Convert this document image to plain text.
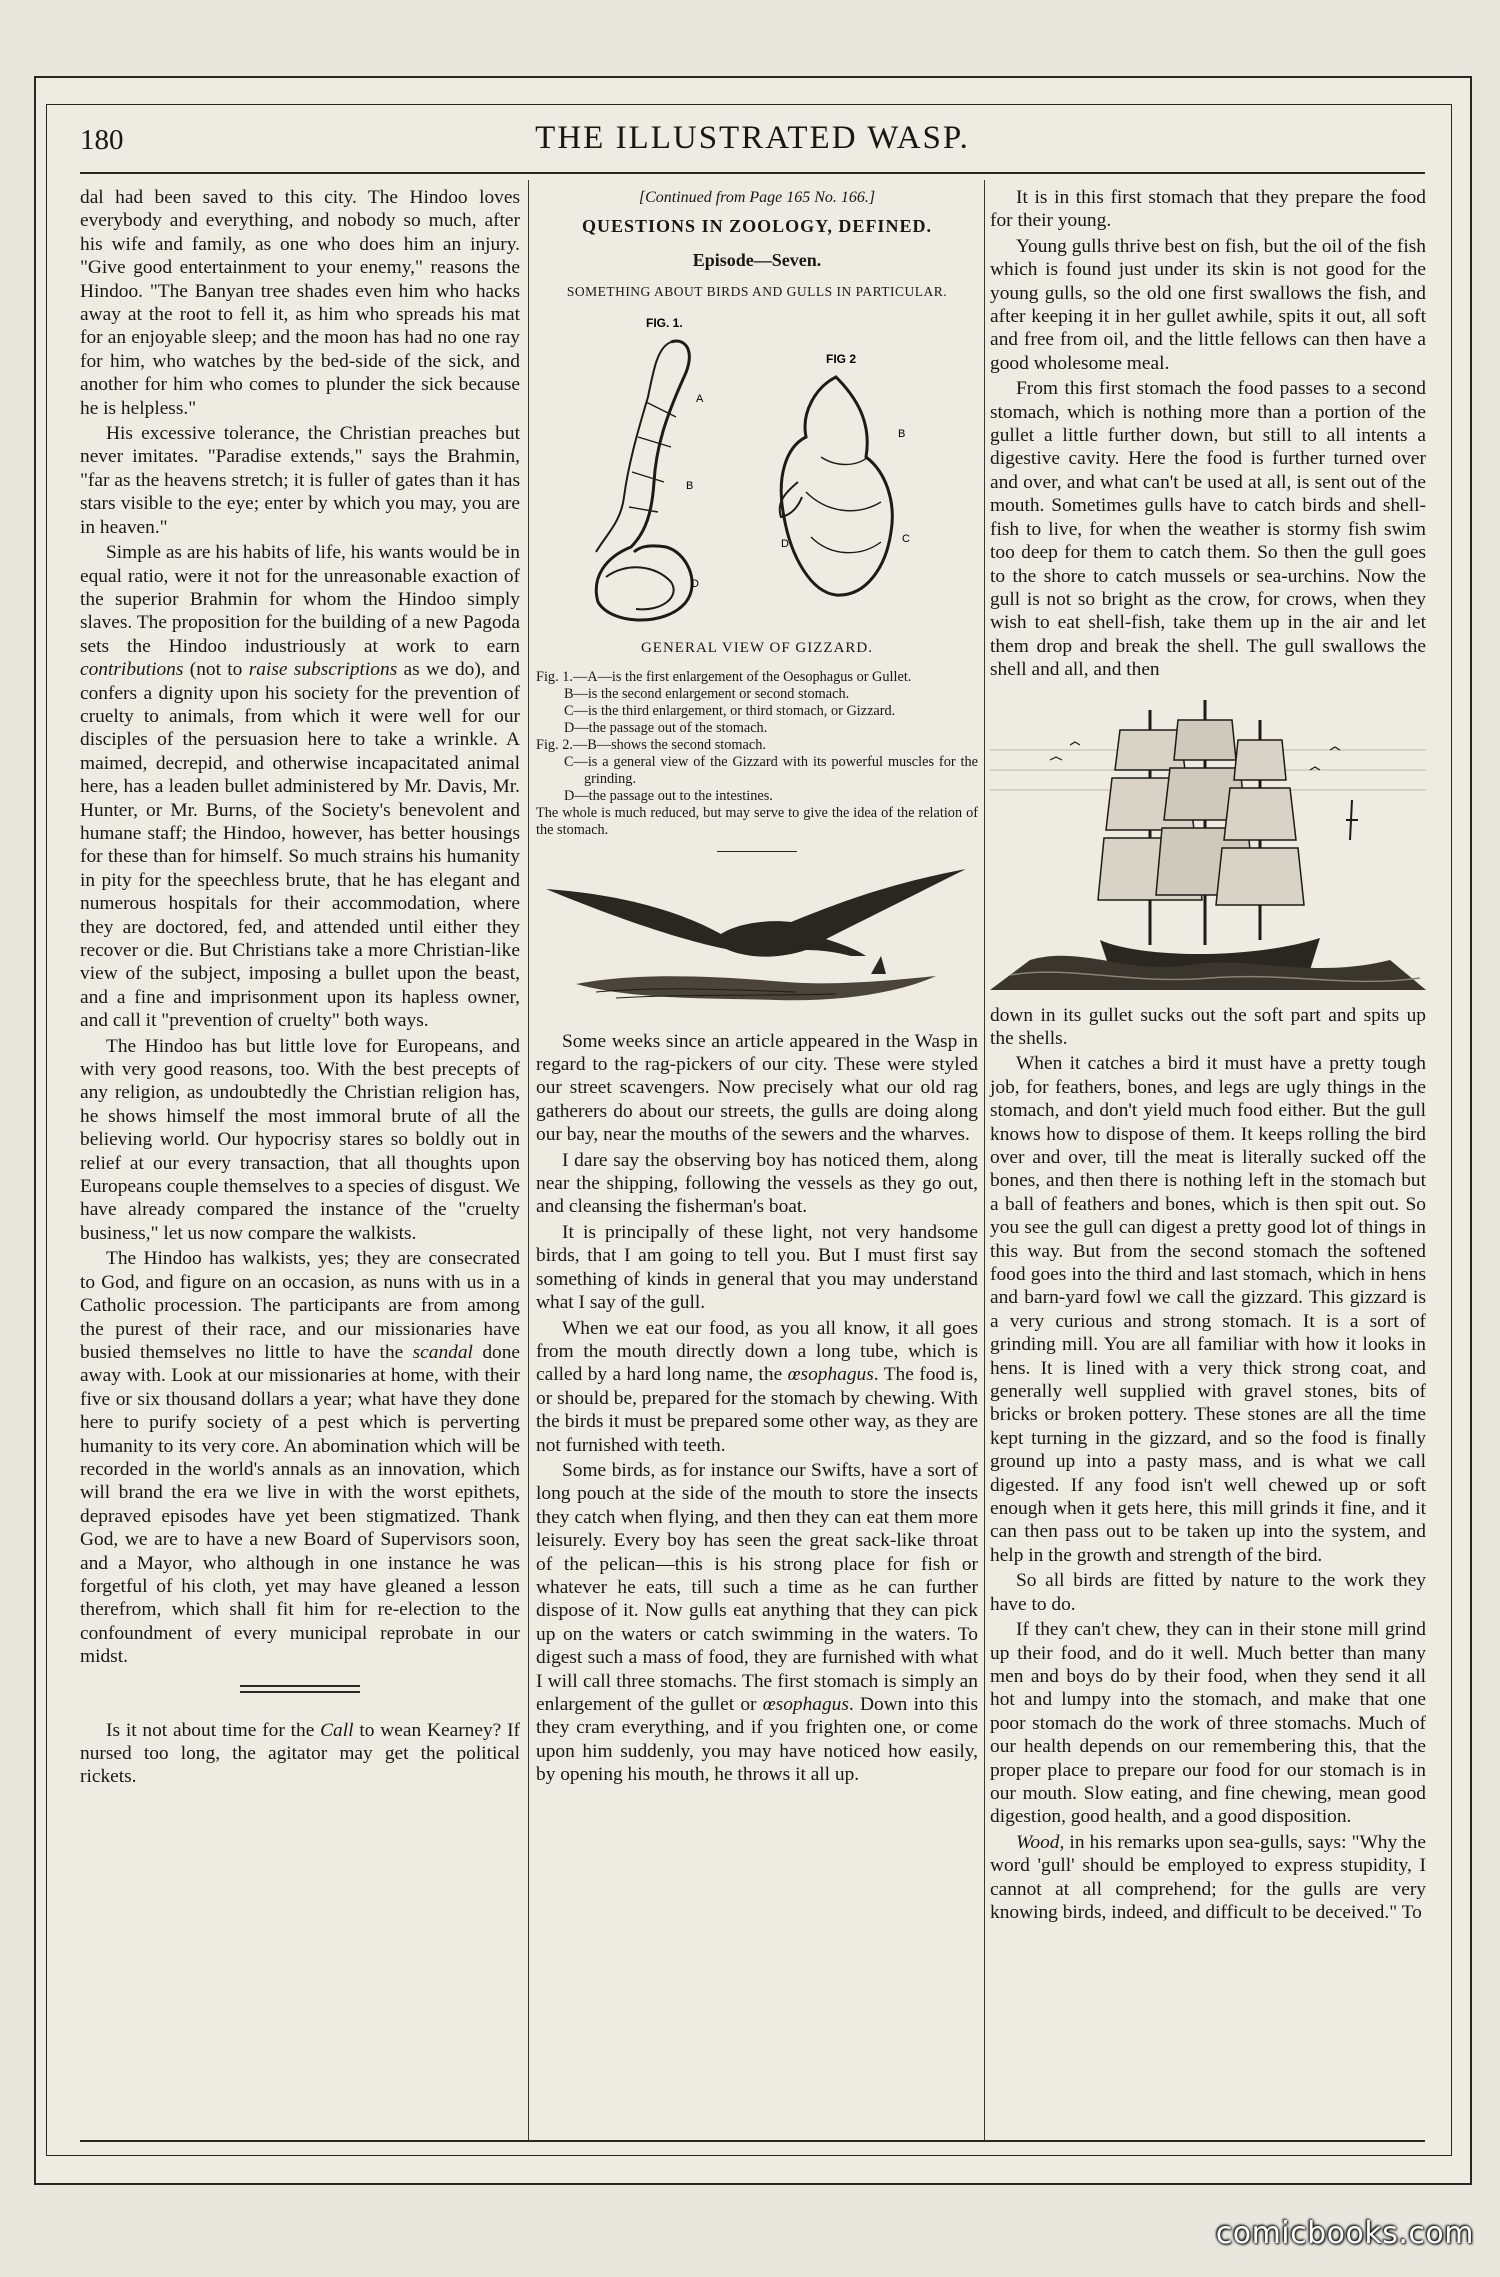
180	THE ILLUSTRATED WASP.

dal had been saved to this city. The Hindoo loves everybody and everything, and nobody so much, after his wife and family, as one who does him an injury. "Give good entertainment to your enemy," reasons the Hindoo. "The Banyan tree shades even him who hacks away at the root to fell it, as him who spreads his mat for an enjoyable sleep; and the moon has had no one ray for him, who watches by the bed-side of the sick, and another for him who comes to plunder the sick because he is helpless."

His excessive tolerance, the Christian preaches but never imitates. "Paradise extends," says the Brahmin, "far as the heavens stretch; it is fuller of gates than it has stars visible to the eye; enter by which you may, you are in heaven."

Simple as are his habits of life, his wants would be in equal ratio, were it not for the unreasonable exaction of the superior Brahmin for whom the Hindoo simply slaves. The proposition for the building of a new Pagoda sets the Hindoo industriously at work to earn contributions (not to raise subscriptions as we do), and confers a dignity upon his society for the prevention of cruelty to animals, from which it were well for our disciples of the persuasion here to take a wrinkle. A maimed, decrepid, and otherwise incapacitated animal here, has a leaden bullet administered by Mr. Davis, Mr. Hunter, or Mr. Burns, of the Society's benevolent and humane staff; the Hindoo, however, has better housings for these than for himself. So much strains his humanity in pity for the speechless brute, that he has elegant and numerous hospitals for their accommodation, where they are doctored, fed, and attended until either they recover or die. But Christians take a more Christian-like view of the subject, imposing a bullet upon the beast, and a fine and imprisonment upon its hapless owner, and call it "prevention of cruelty" both ways.

The Hindoo has but little love for Europeans, and with very good reasons, too. With the best precepts of any religion, as undoubtedly the Christian religion has, he shows himself the most immoral brute of all the believing world. Our hypocrisy stares so boldly out in relief at our every transaction, that all thoughts upon Europeans couple themselves to a species of disgust. We have already compared the instance of the "cruelty business," let us now compare the walkists.

The Hindoo has walkists, yes; they are consecrated to God, and figure on an occasion, as nuns with us in a Catholic procession. The participants are from among the purest of their race, and our missionaries have busied themselves no little to have the scandal done away with. Look at our missionaries at home, with their five or six thousand dollars a year; what have they done here to purify society of a pest which is perverting humanity to its very core. An abomination which will be recorded in the world's annals as an innovation, which will brand the era we live in with the worst epithets, depraved episodes have yet been stigmatized. Thank God, we are to have a new Board of Supervisors soon, and a Mayor, who although in one instance he was forgetful of his cloth, yet may have gleaned a lesson therefrom, which shall fit him for re-election to the confoundment of every municipal reprobate in our midst.

Is it not about time for the Call to wean Kearney? If nursed too long, the agitator may get the political rickets.

[Continued from Page 165 No. 166.]
QUESTIONS IN ZOOLOGY, DEFINED.
Episode—Seven.
SOMETHING ABOUT BIRDS AND GULLS IN PARTICULAR.
FIG. 1.
FIG 2
A
B
D
B
C
D
GENERAL VIEW OF GIZZARD.
Fig. 1.—A—is the first enlargement of the Oesophagus or Gullet.
B—is the second enlargement or second stomach.
C—is the third enlargement, or third stomach, or Gizzard.
D—the passage out of the stomach.
Fig. 2.—B—shows the second stomach.
C—is a general view of the Gizzard with its powerful muscles for the grinding.
D—the passage out to the intestines.
The whole is much reduced, but may serve to give the idea of the relation of the stomach.

Some weeks since an article appeared in the Wasp in regard to the rag-pickers of our city. These were styled our street scavengers. Now precisely what our old rag gatherers do about our streets, the gulls are doing along our bay, near the mouths of the sewers and the wharves.

I dare say the observing boy has noticed them, along near the shipping, following the vessels as they go out, and cleansing the fisherman's boat.

It is principally of these light, not very handsome birds, that I am going to tell you. But I must first say something of kinds in general that you may understand what I say of the gull.

When we eat our food, as you all know, it all goes from the mouth directly down a long tube, which is called by a hard long name, the œsophagus. The food is, or should be, prepared for the stomach by chewing. With the birds it must be prepared some other way, as they are not furnished with teeth.

Some birds, as for instance our Swifts, have a sort of long pouch at the side of the mouth to store the insects they catch when flying, and then they can eat them more leisurely. Every boy has seen the great sack-like throat of the pelican—this is his strong place for fish or whatever he eats, till such a time as he can further dispose of it. Now gulls eat anything that they can pick up on the waters or catch swimming in the waters. To digest such a mass of food, they are furnished with what I will call three stomachs. The first stomach is simply an enlargement of the gullet or œsophagus. Down into this they cram everything, and if you frighten one, or come upon him suddenly, you may have noticed how easily, by opening his mouth, he throws it all up.

It is in this first stomach that they prepare the food for their young.

Young gulls thrive best on fish, but the oil of the fish which is found just under its skin is not good for the young gulls, so the old one first swallows the fish, and after keeping it in her gullet awhile, spits it out, all soft and free from oil, and the little fellows can then have a good wholesome meal.

From this first stomach the food passes to a second stomach, which is nothing more than a portion of the gullet a little further down, but still to all intents a digestive cavity. Here the food is further turned over and over, and what can't be used at all, is sent out of the mouth. Sometimes gulls have to catch birds and shell-fish to live, for when the weather is stormy fish swim too deep for them to catch them. So then the gull goes to the shore to catch mussels or sea-urchins. Now the gull is not so bright as the crow, for crows, when they wish to eat shell-fish, take them up in the air and let them drop and break the shell. The gull swallows the shell and all, and then

down in its gullet sucks out the soft part and spits up the shells.

When it catches a bird it must have a pretty tough job, for feathers, bones, and legs are ugly things in the stomach, and don't yield much food either. But the gull knows how to dispose of them. It keeps rolling the bird over and over, till the meat is literally sucked off the bones, and then there is nothing left in the stomach but a ball of feathers and bones, which is then spit out. So you see the gull can digest a pretty good lot of things in this way. But from the second stomach the softened food goes into the third and last stomach, which in hens and barn-yard fowl we call the gizzard. This gizzard is a very curious and strong stomach. It is a sort of grinding mill. You are all familiar with how it looks in hens. It is lined with a very thick strong coat, and generally well supplied with gravel stones, bits of bricks or broken pottery. These stones are all the time kept turning in the gizzard, and so the food is finally ground up into a pasty mass, and is what we call digested. If any food isn't well chewed up or soft enough when it gets here, this mill grinds it fine, and it can then pass out to be taken up into the system, and help in the growth and strength of the bird.

So all birds are fitted by nature to the work they have to do.

If they can't chew, they can in their stone mill grind up their food, and do it well. Much better than many men and boys do by their food, when they send it all hot and lumpy into the stomach, and make that one poor stomach do the work of three stomachs. Much of our health depends on our remembering this, that the proper place to prepare our food for our stomach is in our mouth. Slow eating, and fine chewing, mean good digestion, good health, and a good disposition.

Wood, in his remarks upon sea-gulls, says: "Why the word 'gull' should be employed to express stupidity, I cannot at all comprehend; for the gulls are very knowing birds, indeed, and difficult to be deceived." To

comicbooks.com
